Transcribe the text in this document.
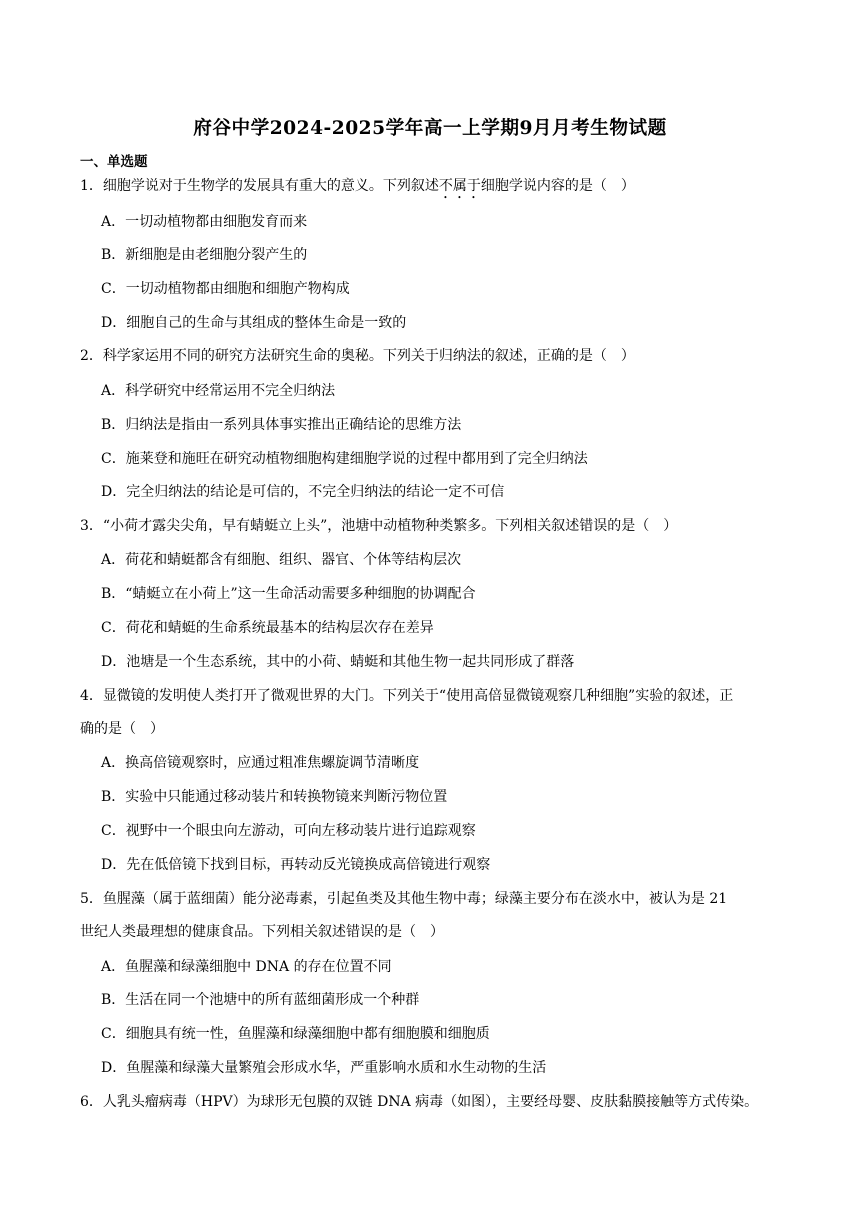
府谷中学2024-2025学年高一上学期9月月考生物试题
一、单选题
1．细胞学说对于生物学的发展具有重大的意义。下列叙述不属于细胞学说内容的是（　）
A．一切动植物都由细胞发育而来
B．新细胞是由老细胞分裂产生的
C．一切动植物都由细胞和细胞产物构成
D．细胞自己的生命与其组成的整体生命是一致的
2．科学家运用不同的研究方法研究生命的奥秘。下列关于归纳法的叙述，正确的是（　）
A．科学研究中经常运用不完全归纳法
B．归纳法是指由一系列具体事实推出正确结论的思维方法
C．施莱登和施旺在研究动植物细胞构建细胞学说的过程中都用到了完全归纳法
D．完全归纳法的结论是可信的，不完全归纳法的结论一定不可信
3．“小荷才露尖尖角，早有蜻蜓立上头”，池塘中动植物种类繁多。下列相关叙述错误的是（　）
A．荷花和蜻蜓都含有细胞、组织、器官、个体等结构层次
B．“蜻蜓立在小荷上”这一生命活动需要多种细胞的协调配合
C．荷花和蜻蜓的生命系统最基本的结构层次存在差异
D．池塘是一个生态系统，其中的小荷、蜻蜓和其他生物一起共同形成了群落
4．显微镜的发明使人类打开了微观世界的大门。下列关于“使用高倍显微镜观察几种细胞”实验的叙述，正
确的是（　）
A．换高倍镜观察时，应通过粗准焦螺旋调节清晰度
B．实验中只能通过移动装片和转换物镜来判断污物位置
C．视野中一个眼虫向左游动，可向左移动装片进行追踪观察
D．先在低倍镜下找到目标，再转动反光镜换成高倍镜进行观察
5．鱼腥藻（属于蓝细菌）能分泌毒素，引起鱼类及其他生物中毒；绿藻主要分布在淡水中，被认为是 21
世纪人类最理想的健康食品。下列相关叙述错误的是（　）
A．鱼腥藻和绿藻细胞中 DNA 的存在位置不同
B．生活在同一个池塘中的所有蓝细菌形成一个种群
C．细胞具有统一性，鱼腥藻和绿藻细胞中都有细胞膜和细胞质
D．鱼腥藻和绿藻大量繁殖会形成水华，严重影响水质和水生动物的生活
6．人乳头瘤病毒（HPV）为球形无包膜的双链 DNA 病毒（如图），主要经母婴、皮肤黏膜接触等方式传染。
